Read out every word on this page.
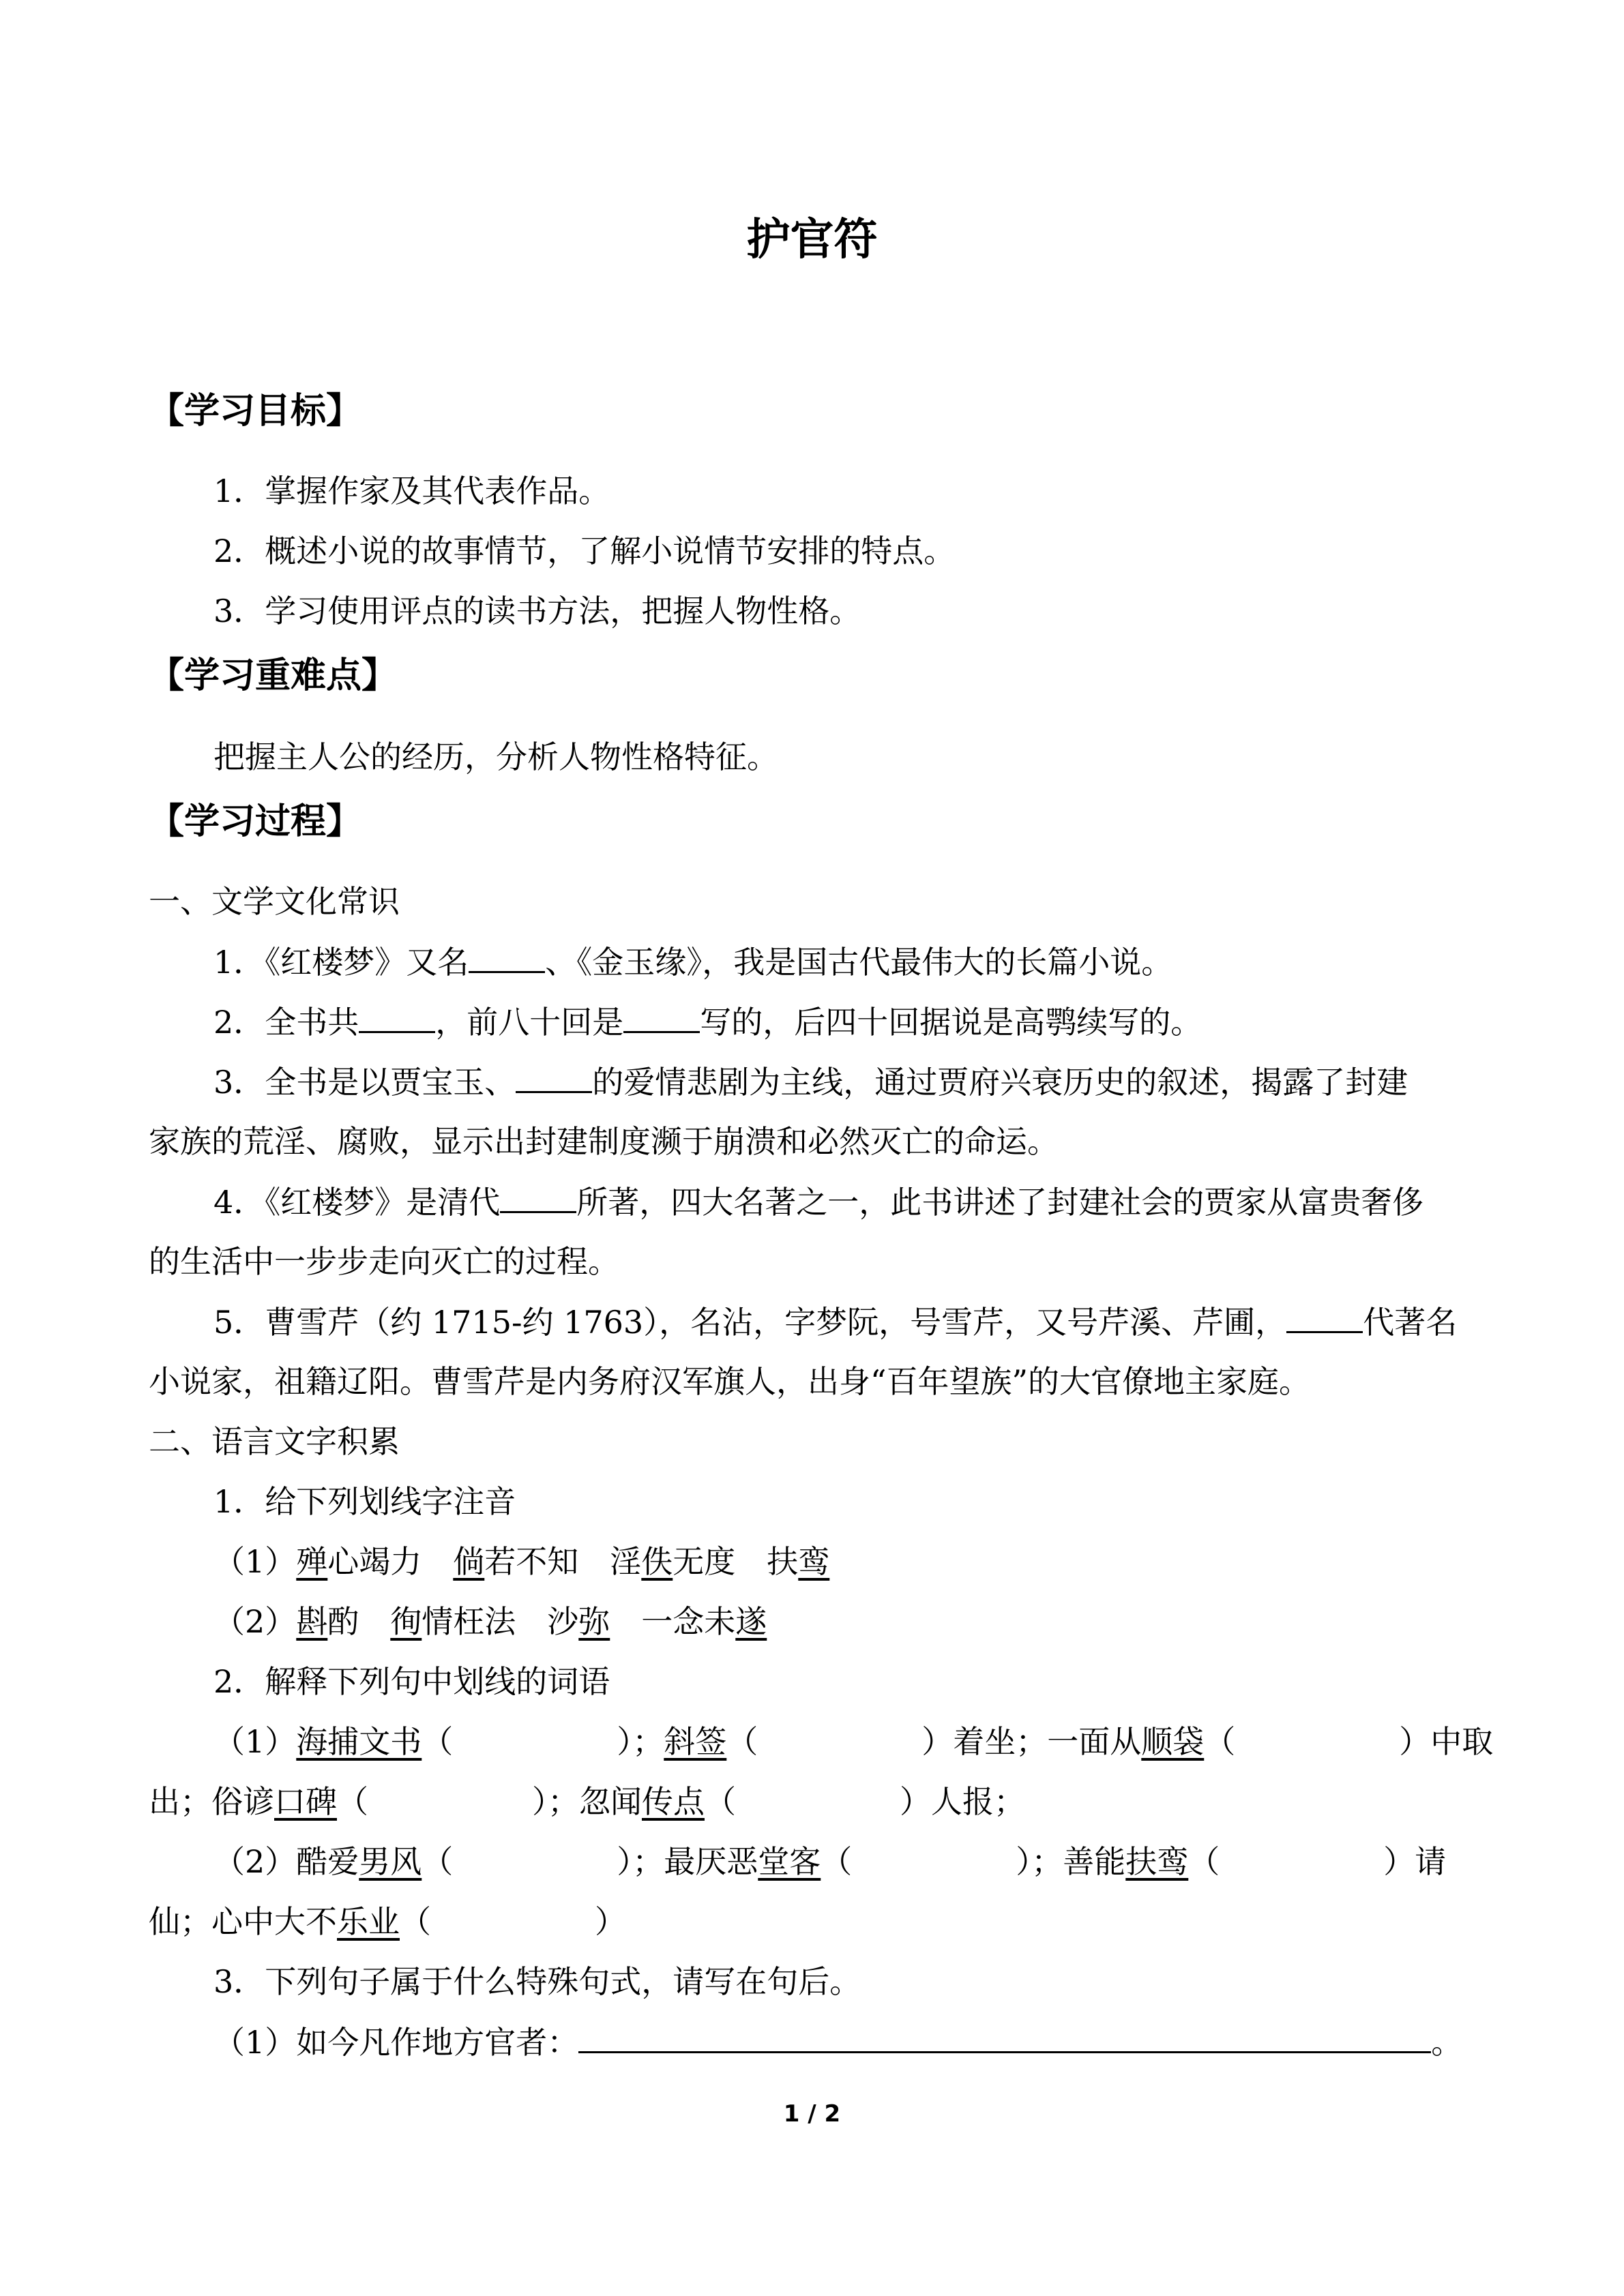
护官符
【学习目标】
1．掌握作家及其代表作品。
2．概述小说的故事情节，了解小说情节安排的特点。
3．学习使用评点的读书方法，把握人物性格。
【学习重难点】
把握主人公的经历，分析人物性格特征。
【学习过程】
一、文学文化常识
1．《红楼梦》又名 、《金玉缘》，我是国古代最伟大的长篇小说。
2．全书共 ，前八十回是 写的，后四十回据说是高鹗续写的。
3．全书是以贾宝玉、 的爱情悲剧为主线，通过贾府兴衰历史的叙述，揭露了封建
家族的荒淫、腐败，显示出封建制度濒于崩溃和必然灭亡的命运。
4．《红楼梦》是清代 所著，四大名著之一，此书讲述了封建社会的贾家从富贵奢侈
的生活中一步步走向灭亡的过程。
5．曹雪芹（约 1715-约 1763），名沾，字梦阮，号雪芹，又号芹溪、芹圃， 代著名
小说家，祖籍辽阳。曹雪芹是内务府汉军旗人，出身“百年望族”的大官僚地主家庭。
二、语言文字积累
1．给下列划线字注音
（1）殚心竭力 倘若不知 淫佚无度 扶鸾
（2）斟酌 徇情枉法 沙弥 一念未遂
2．解释下列句中划线的词语
（1）海捕文书（	）；斜签（	）着坐；一面从顺袋（	）中取
出；俗谚口碑（	）；忽闻传点（	）人报；
（2）酷爱男风（	）；最厌恶堂客（	）；善能扶鸾（	）请
仙；心中大不乐业（	）
3．下列句子属于什么特殊句式，请写在句后。
（1）如今凡作地方官者：	。
1 / 2
